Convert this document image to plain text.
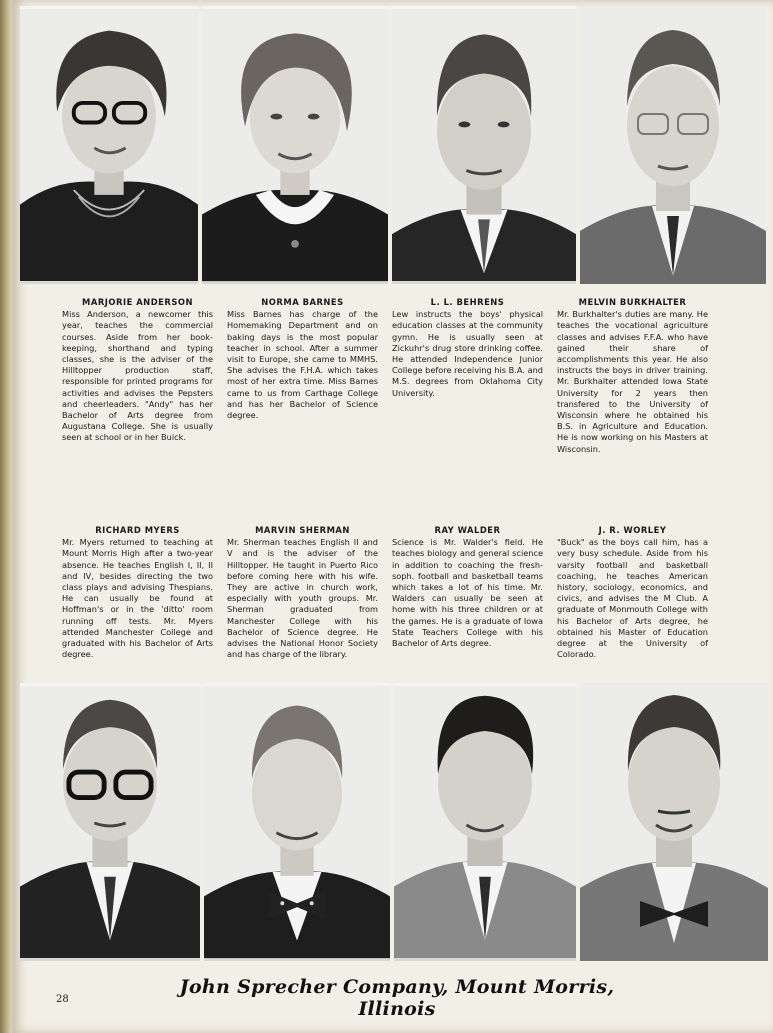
MARJORIE ANDERSON
Miss Anderson, a newcomer this year, teaches the commercial courses. Aside from her book-keeping, shorthand and typing classes, she is the adviser of the Hilltopper production staff, responsible for printed programs for activities and advises the Pepsters and cheerleaders. "Andy" has her Bachelor of Arts degree from Augustana College. She is usually seen at school or in her Buick.
NORMA BARNES
Miss Barnes has charge of the Homemaking Department and on baking days is the most popular teacher in school. After a summer visit to Europe, she came to MMHS. She advises the F.H.A. which takes most of her extra time. Miss Barnes came to us from Carthage College and has her Bachelor of Science degree.
L. L. BEHRENS
Lew instructs the boys' physical education classes at the community gymn. He is usually seen at Zickuhr's drug store drinking coffee. He attended Independence Junior College before receiving his B.A. and M.S. degrees from Oklahoma City University.
MELVIN BURKHALTER
Mr. Burkhalter's duties are many. He teaches the vocational agriculture classes and advises F.F.A. who have gained their share of accomplishments this year. He also instructs the boys in driver training. Mr. Burkhalter attended Iowa State University for 2 years then transfered to the University of Wisconsin where he obtained his B.S. in Agriculture and Education. He is now working on his Masters at Wisconsin.
RICHARD MYERS
Mr. Myers returned to teaching at Mount Morris High after a two-year absence. He teaches English I, II, II and IV, besides directing the two class plays and advising Thespians. He can usually be found at Hoffman's or in the 'ditto' room running off tests. Mr. Myers attended Manchester College and graduated with his Bachelor of Arts degree.
MARVIN SHERMAN
Mr. Sherman teaches English II and V and is the adviser of the Hilltopper. He taught in Puerto Rico before coming here with his wife. They are active in church work, especially with youth groups. Mr. Sherman graduated from Manchester College with his Bachelor of Science degree. He advises the National Honor Society and has charge of the library.
RAY WALDER
Science is Mr. Walder's field. He teaches biology and general science in addition to coaching the fresh-soph. football and basketball teams which takes a lot of his time. Mr. Walders can usually be seen at home with his three children or at the games. He is a graduate of Iowa State Teachers College with his Bachelor of Arts degree.
J. R. WORLEY
"Buck" as the boys call him, has a very busy schedule. Aside from his varsity football and basketball coaching, he teaches American history, sociology, economics, and civics, and advises the M Club. A graduate of Monmouth College with his Bachelor of Arts degree, he obtained his Master of Education degree at the University of Colorado.
28
John Sprecher Company, Mount Morris, Illinois
